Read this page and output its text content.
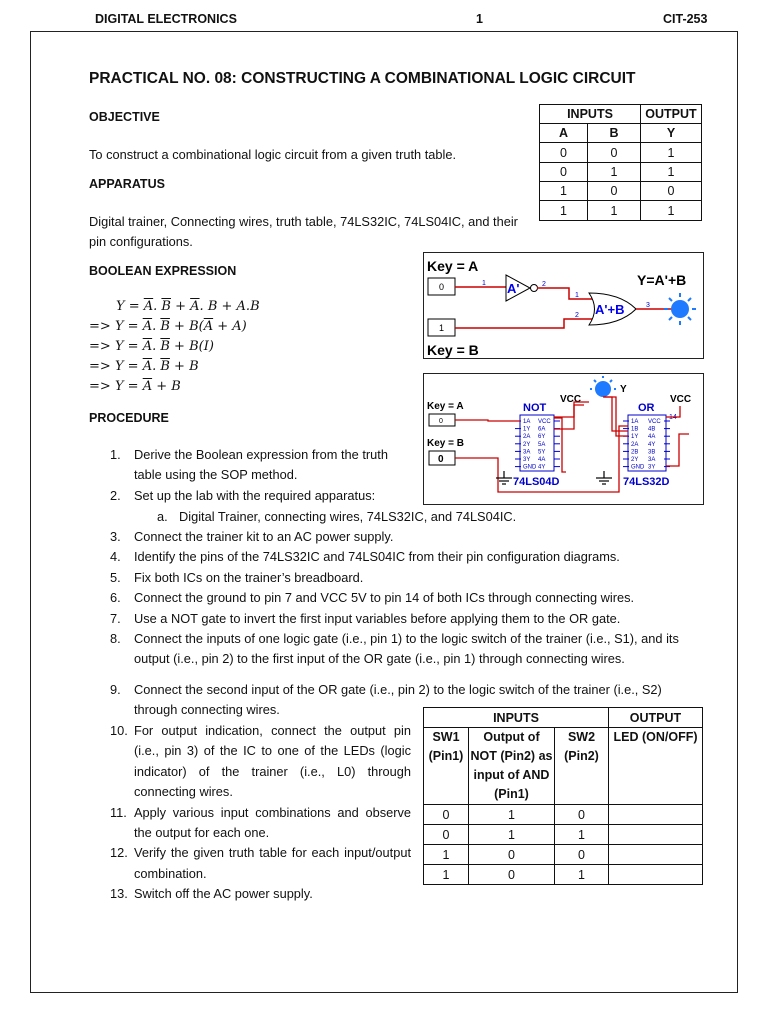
DIGITAL ELECTRONICS	1	CIT-253
PRACTICAL NO. 08: CONSTRUCTING A COMBINATIONAL LOGIC CIRCUIT
OBJECTIVE
To construct a combinational logic circuit from a given truth table.
APPARATUS
Digital trainer, Connecting wires, truth table, 74LS32IC, 74LS04IC, and their pin configurations.
BOOLEAN EXPRESSION
$Y = \overline{A}$. $\overline{B} + \overline{A}$. B + A.B
=> $Y = \overline{A}$. $\overline{B} + B(\overline{A} + A)$
=> $Y = \overline{A}$. $\overline{B} + B(I)$
=> $Y = \overline{A}$. $\overline{B} + B$
=> $Y = \overline{A} + B$
INPUTS		OUTPUT
A	B	Y
0	0	1
0	1	1
1	0	0
1	1	1
Key = A
Key = B
0
1
1 A'	2
1
2 A'+B	3
Y=A'+B
Key = A
0
Key = B
0
NOT
VCC	VCC
Y
OR
1A
1Y
2A
2Y
3A
3Y
GND
VCC
6A
6Y
5A
5Y
4A
4Y
74LS04D
1A
1B
1Y
2A
2B
2Y
GND
VCC
4B
4A
4Y
3B
3A
3Y
74LS32D
14
PROCEDURE
1. Derive the Boolean expression from the truth table using the SOP method.
2. Set up the lab with the required apparatus:
a. Digital Trainer, connecting wires, 74LS32IC, and 74LS04IC.
3. Connect the trainer kit to an AC power supply.
4. Identify the pins of the 74LS32IC and 74LS04IC from their pin configuration diagrams.
5. Fix both ICs on the trainer’s breadboard.
6. Connect the ground to pin 7 and VCC 5V to pin 14 of both ICs through connecting wires.
7. Use a NOT gate to invert the first input variables before applying them to the OR gate.
8. Connect the inputs of one logic gate (i.e., pin 1) to the logic switch of the trainer (i.e., S1), and its output (i.e., pin 2) to the first input of the OR gate (i.e., pin 1) through connecting wires.
9. Connect the second input of the OR gate (i.e., pin 2) to the logic switch of the trainer (i.e., S2) through connecting wires.
10. For output indication, connect the output pin (i.e., pin 3) of the IC to one of the LEDs (logic indicator) of the trainer (i.e., L0) through connecting wires.
11. Apply various input combinations and observe the output for each one.
12. Verify the given truth table for each input/output combination.
13. Switch off the AC power supply.
INPUTS			OUTPUT
SW1 (Pin1)	Output of NOT (Pin2) as input of AND (Pin1)	SW2 (Pin2)	LED (ON/OFF)
0	1	0	
0	1	1	
1	0	0	
1	0	1	
